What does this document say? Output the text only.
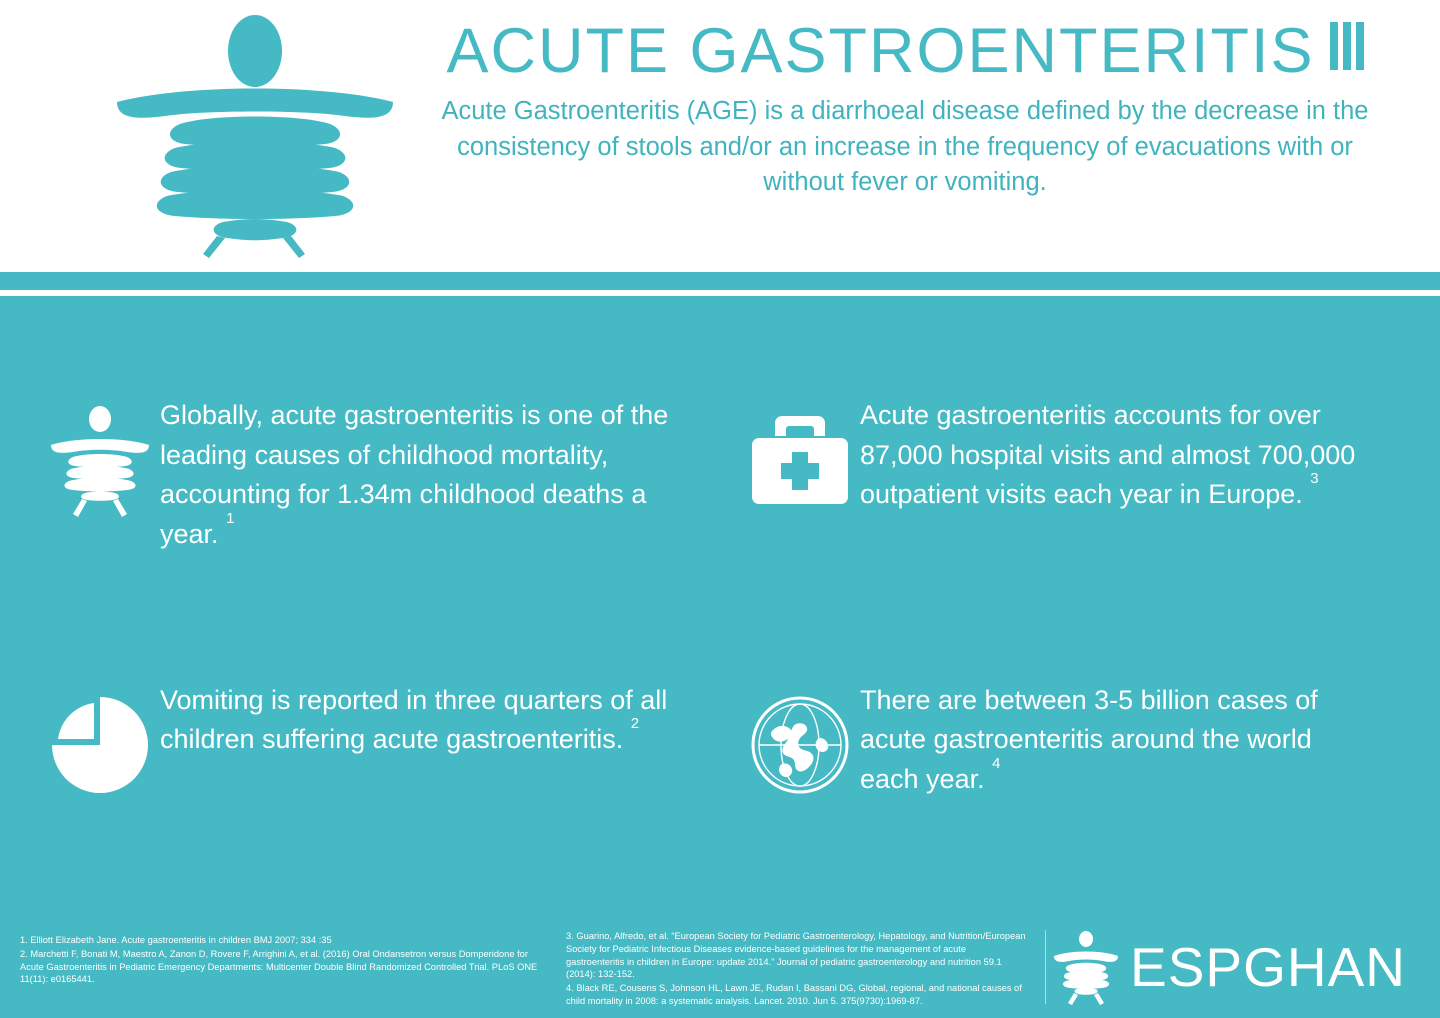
ACUTE GASTROENTERITIS

Acute Gastroenteritis (AGE) is a diarrhoeal disease defined by the decrease in the consistency of stools and/or an increase in the frequency of evacuations with or without fever or vomiting.

Globally, acute gastroenteritis is one of the leading causes of childhood mortality, accounting for 1.34m childhood deaths a year. $^1$
Acute gastroenteritis accounts for over 87,000 hospital visits and almost 700,000 outpatient visits each year in Europe. $^3$
Vomiting is reported in three quarters of all children suffering acute gastroenteritis. $^2$
There are between 3-5 billion cases of acute gastroenteritis around the world each year. $^4$

1. Elliott Elizabeth Jane. Acute gastroenteritis in children BMJ 2007; 334 :35

2. Marchetti F, Bonati M, Maestro A, Zanon D, Rovere F, Arrighini A, et al. (2016) Oral Ondansetron versus Domperidone for Acute Gastroenteritis in Pediatric Emergency Departments: Multicenter Double Blind Randomized Controlled Trial. PLoS ONE 11(11): e0165441.

3. Guarino, Alfredo, et al. “European Society for Pediatric Gastroenterology, Hepatology, and Nutrition/European Society for Pediatric Infectious Diseases evidence-based guidelines for the management of acute gastroenteritis in children in Europe: update 2014.” Journal of pediatric gastroenterology and nutrition 59.1 (2014): 132-152.

4. Black RE, Cousens S, Johnson HL, Lawn JE, Rudan I, Bassani DG, Global, regional, and national causes of child mortality in 2008: a systematic analysis. Lancet. 2010. Jun 5. 375(9730):1969-87.

ESPGHAN
